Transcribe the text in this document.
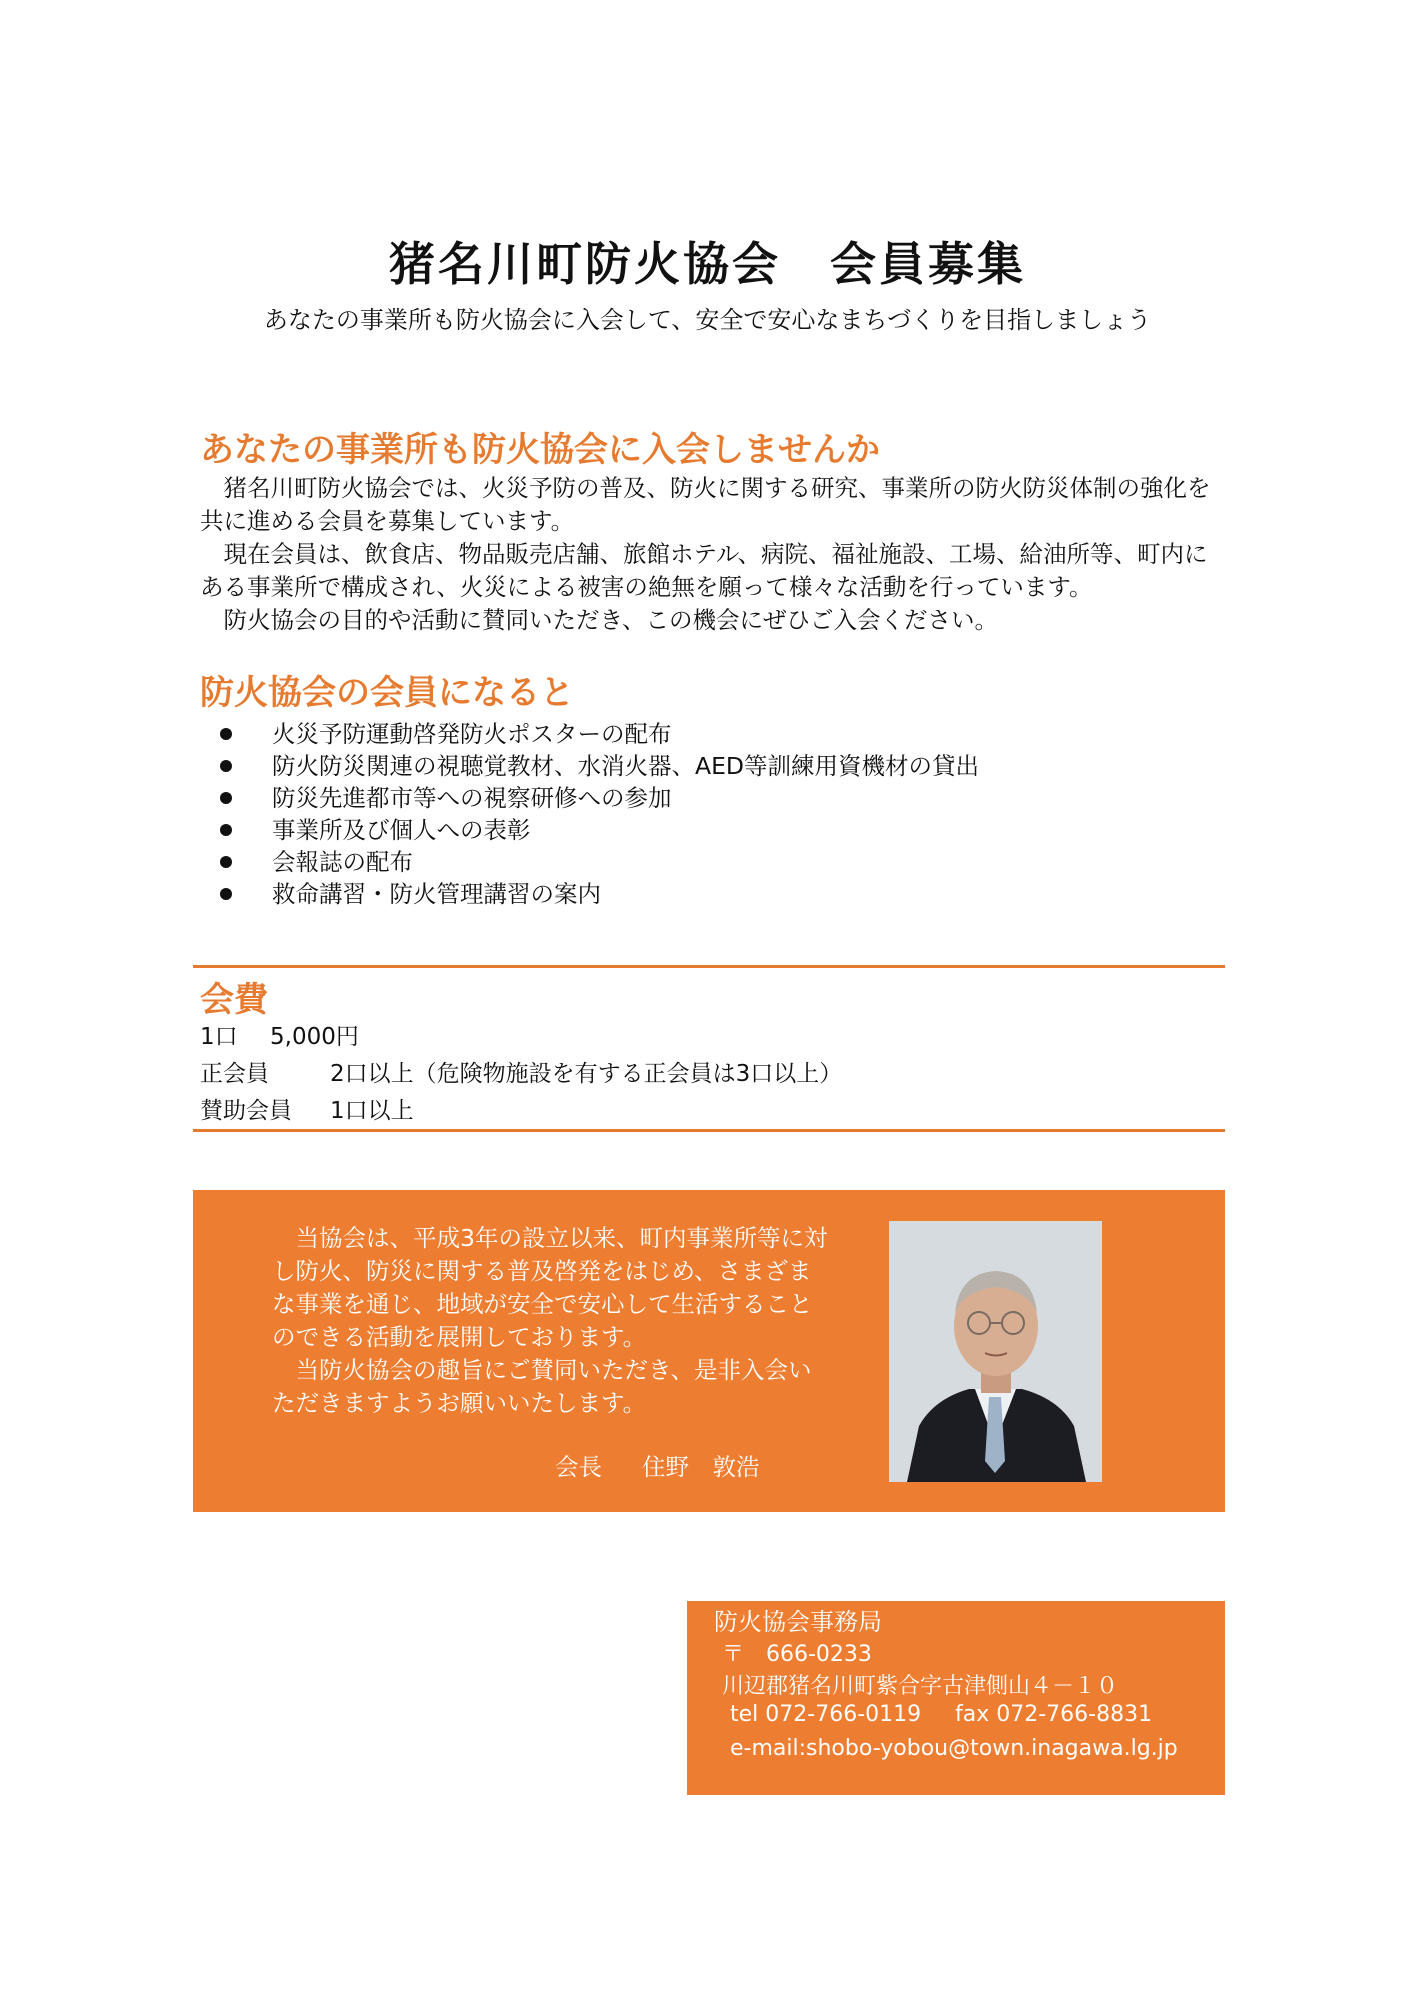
猪名川町防火協会　会員募集
あなたの事業所も防火協会に入会して、安全で安心なまちづくりを目指しましょう
あなたの事業所も防火協会に入会しませんか

　猪名川町防火協会では、火災予防の普及、防火に関する研究、事業所の防火防災体制の強化を共に進める会員を募集しています。

　現在会員は、飲食店、物品販売店舗、旅館ホテル、病院、福祉施設、工場、給油所等、町内にある事業所で構成され、火災による被害の絶無を願って様々な活動を行っています。

　防火協会の目的や活動に賛同いただき、この機会にぜひご入会ください。

防火協会の会員になると
火災予防運動啓発防火ポスターの配布
防火防災関連の視聴覚教材、水消火器、AED等訓練用資機材の貸出
防災先進都市等への視察研修への参加
事業所及び個人への表彰
会報誌の配布
救命講習・防火管理講習の案内
会費
1口 5,000円
正会員	2口以上（危険物施設を有する正会員は3口以上）
賛助会員 1口以上

　当協会は、平成3年の設立以来、町内事業所等に対し防火、防災に関する普及啓発をはじめ、さまざまな事業を通じ、地域が安全で安心して生活することのできる活動を展開しております。

　当防火協会の趣旨にご賛同いただき、是非入会いただきますようお願いいたします。

会長 住野　敦浩
防火協会事務局
〒　666-0233
川辺郡猪名川町紫合字古津側山４－１０
tel 072-766-0119 fax 072-766-8831
e-mail:shobo-yobou@town.inagawa.lg.jp
